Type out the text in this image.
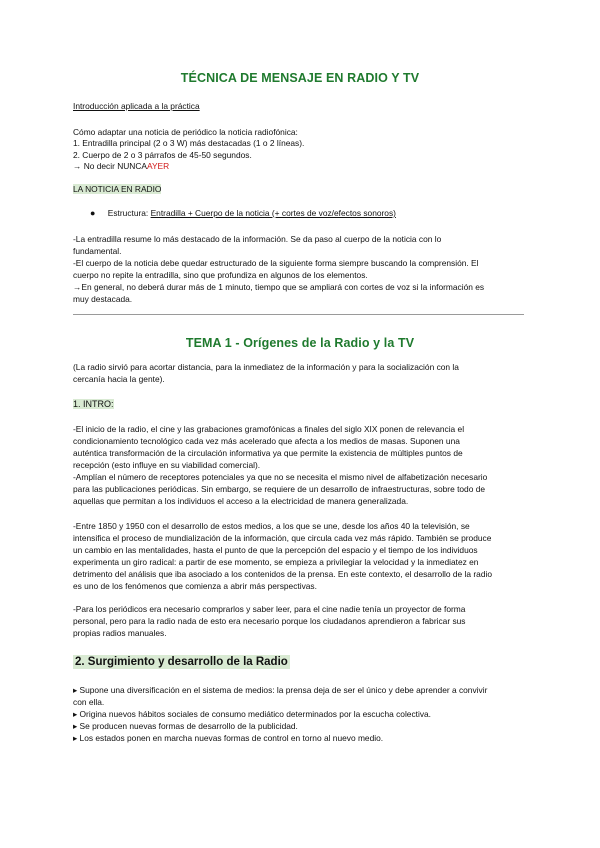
TÉCNICA DE MENSAJE EN RADIO Y TV
Introducción aplicada a la práctica
Cómo adaptar una noticia de periódico la noticia radiofónica:
1. Entradilla principal (2 o 3 W) más destacadas (1 o 2 líneas).
2. Cuerpo de 2 o 3 párrafos de 45-50 segundos.
→ No decir NUNCAAYER
LA NOTICIA EN RADIO
● Estructura: Entradilla + Cuerpo de la noticia (+ cortes de voz/efectos sonoros)
-La entradilla resume lo más destacado de la información. Se da paso al cuerpo de la noticia con lo
fundamental.
-El cuerpo de la noticia debe quedar estructurado de la siguiente forma siempre buscando la comprensión. El
cuerpo no repite la entradilla, sino que profundiza en algunos de los elementos.
→En general, no deberá durar más de 1 minuto, tiempo que se ampliará con cortes de voz si la información es
muy destacada.
TEMA 1 - Orígenes de la Radio y la TV
(La radio sirvió para acortar distancia, para la inmediatez de la información y para la socialización con la
cercanía hacia la gente).
1. INTRO:
-El inicio de la radio, el cine y las grabaciones gramofónicas a finales del siglo XIX ponen de relevancia el
condicionamiento tecnológico cada vez más acelerado que afecta a los medios de masas. Suponen una
auténtica transformación de la circulación informativa ya que permite la existencia de múltiples puntos de
recepción (esto influye en su viabilidad comercial).
-Amplían el número de receptores potenciales ya que no se necesita el mismo nivel de alfabetización necesario
para las publicaciones periódicas. Sin embargo, se requiere de un desarrollo de infraestructuras, sobre todo de
aquellas que permitan a los individuos el acceso a la electricidad de manera generalizada.
-Entre 1850 y 1950 con el desarrollo de estos medios, a los que se une, desde los años 40 la televisión, se
intensifica el proceso de mundialización de la información, que circula cada vez más rápido. También se produce
un cambio en las mentalidades, hasta el punto de que la percepción del espacio y el tiempo de los individuos
experimenta un giro radical: a partir de ese momento, se empieza a privilegiar la velocidad y la inmediatez en
detrimento del análisis que iba asociado a los contenidos de la prensa. En este contexto, el desarrollo de la radio
es uno de los fenómenos que comienza a abrir más perspectivas.
-Para los periódicos era necesario comprarlos y saber leer, para el cine nadie tenía un proyector de forma
personal, pero para la radio nada de esto era necesario porque los ciudadanos aprendieron a fabricar sus
propias radios manuales.
2. Surgimiento y desarrollo de la Radio
▸ Supone una diversificación en el sistema de medios: la prensa deja de ser el único y debe aprender a convivir
con ella.
▸ Origina nuevos hábitos sociales de consumo mediático determinados por la escucha colectiva.
▸ Se producen nuevas formas de desarrollo de la publicidad.
▸ Los estados ponen en marcha nuevas formas de control en torno al nuevo medio.
